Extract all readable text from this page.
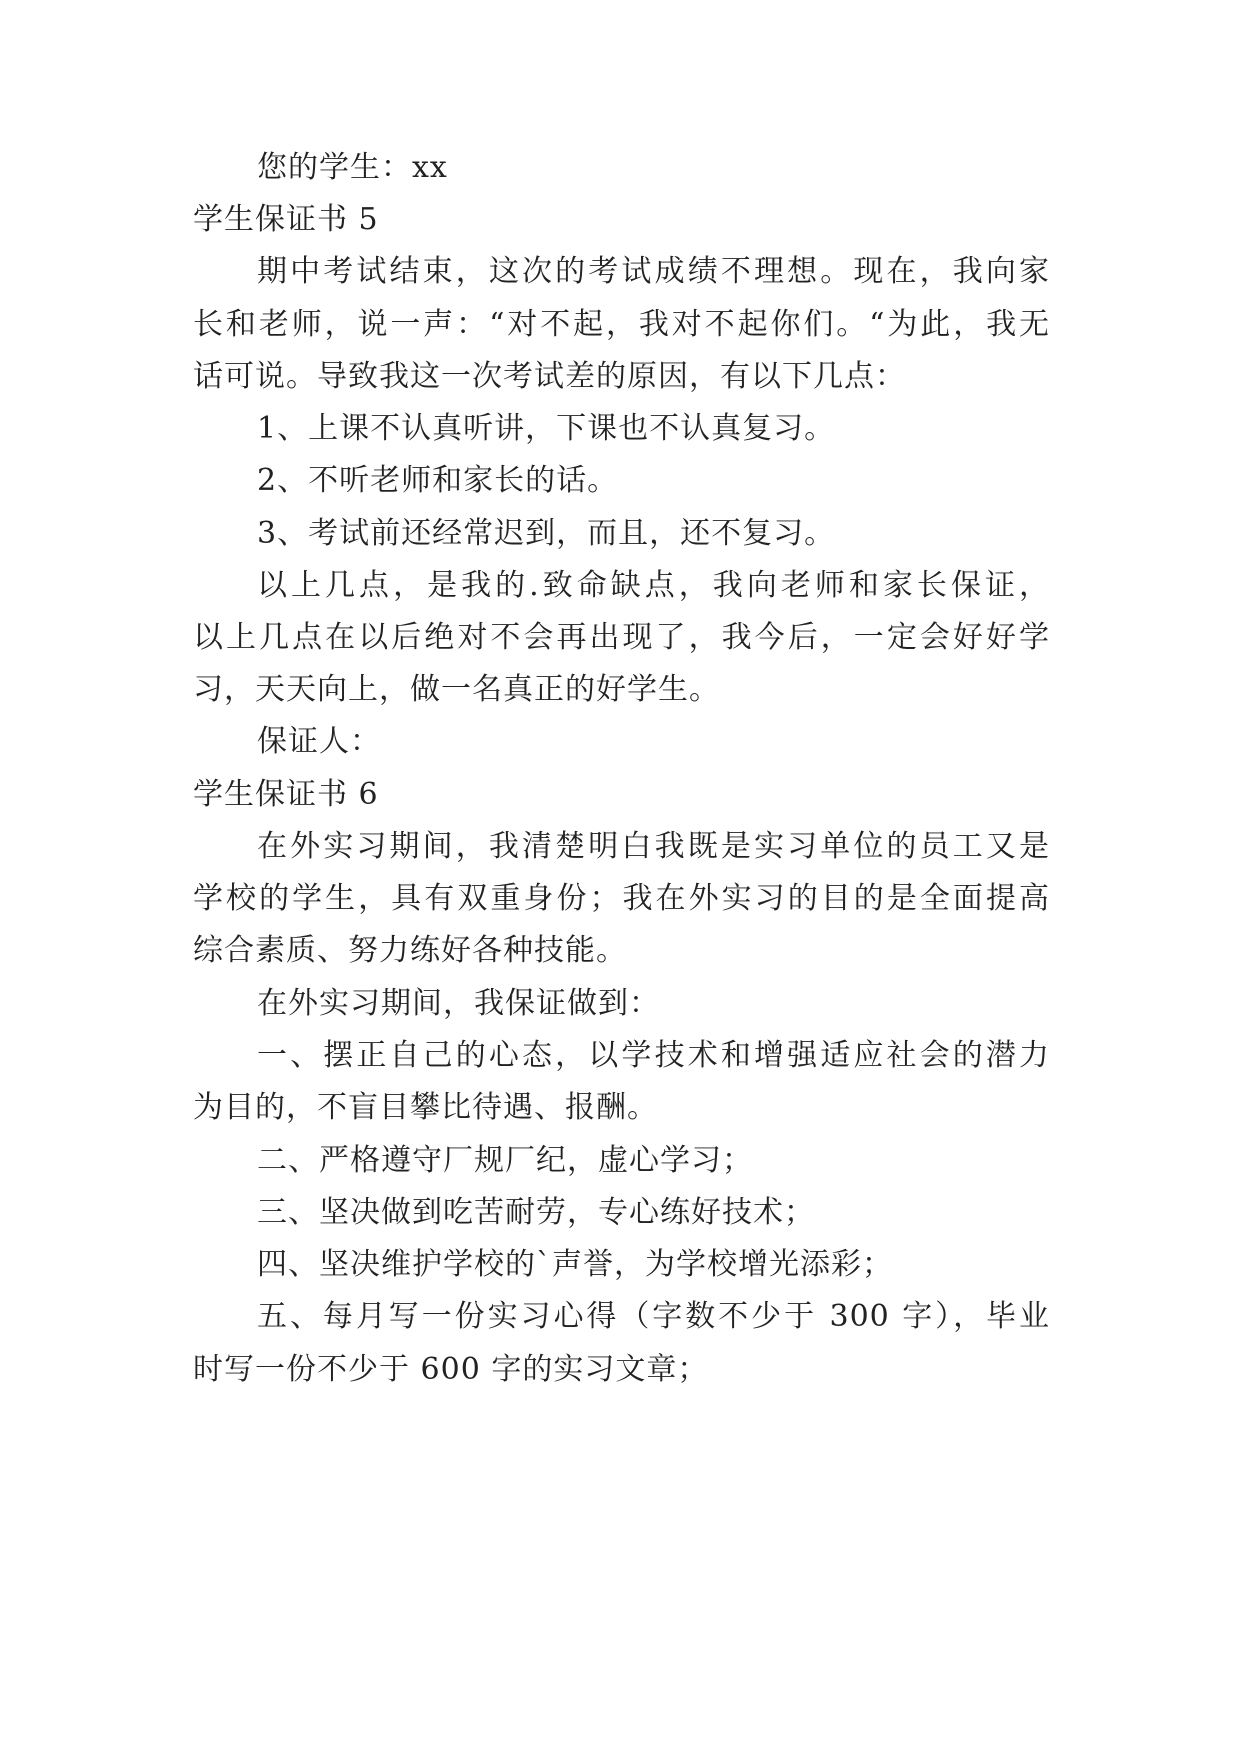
您的学生：xx

学生保证书 5

期中考试结束，这次的考试成绩不理想。现在，我向家

长和老师，说一声：“对不起，我对不起你们。“为此，我无

话可说。导致我这一次考试差的原因，有以下几点：

1、上课不认真听讲，下课也不认真复习。

2、不听老师和家长的话。

3、考试前还经常迟到，而且，还不复习。

以上几点，是我的.致命缺点，我向老师和家长保证，

以上几点在以后绝对不会再出现了，我今后，一定会好好学

习，天天向上，做一名真正的好学生。

保证人：

学生保证书 6

在外实习期间，我清楚明白我既是实习单位的员工又是

学校的学生，具有双重身份；我在外实习的目的是全面提高

综合素质、努力练好各种技能。

在外实习期间，我保证做到：

一、摆正自己的心态，以学技术和增强适应社会的潜力

为目的，不盲目攀比待遇、报酬。

二、严格遵守厂规厂纪，虚心学习；

三、坚决做到吃苦耐劳，专心练好技术；

四、坚决维护学校的`声誉，为学校增光添彩；

五、每月写一份实习心得（字数不少于 300 字），毕业

时写一份不少于 600 字的实习文章；
